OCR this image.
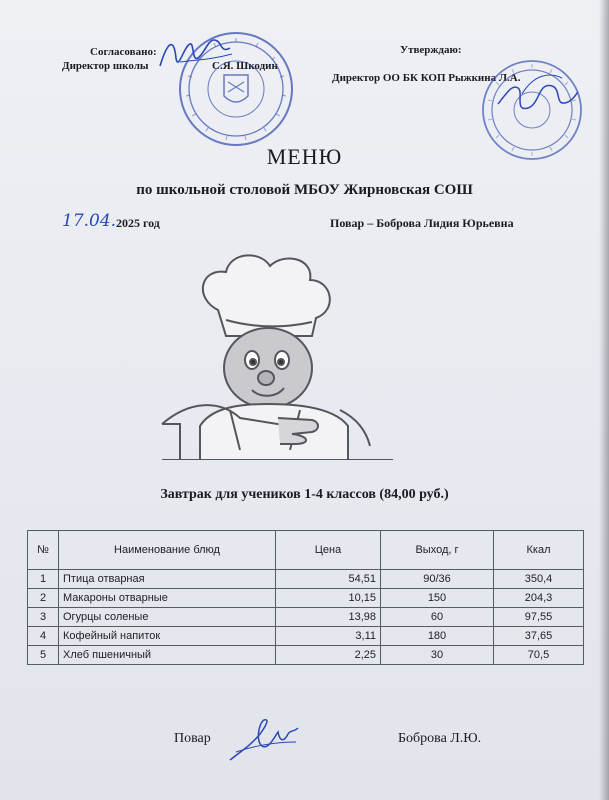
Согласовано:
Директор школы	С.Я. Шкодин
Утверждаю:
Директор ОО БК КОП Рыжкина Л.А.
МЕНЮ
по школьной столовой МБОУ Жирновская СОШ
17.04. 2025 год	Повар – Боброва Лидия Юрьевна
Завтрак для учеников 1-4 классов (84,00 руб.)
№	Наименование блюд	Цена	Выход, г	Ккал
1	Птица отварная	54,51	90/36	350,4
2	Макароны отварные	10,15	150	204,3
3	Огурцы соленые	13,98	60	97,55
4	Кофейный напиток	3,11	180	37,65
5	Хлеб пшеничный	2,25	30	70,5
Повар	Боброва Л.Ю.
